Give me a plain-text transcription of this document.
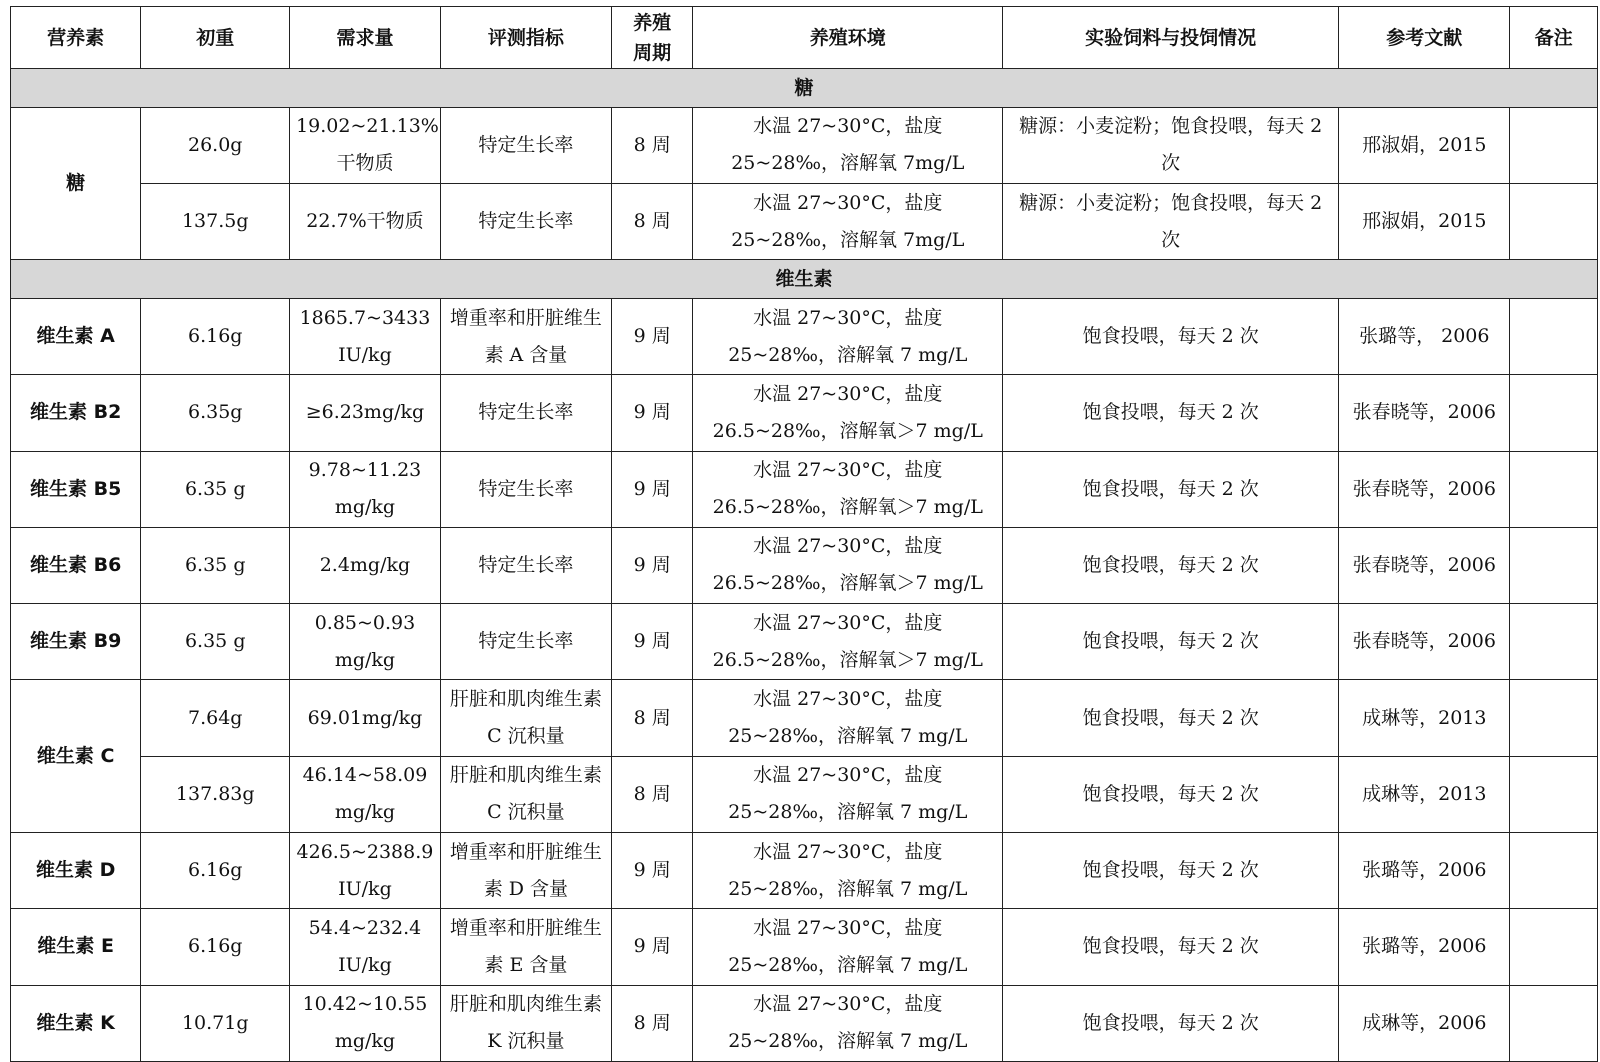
营养素	初重	需求量	评测指标	养殖周期	养殖环境	实验饲料与投饲情况	参考文献	备注
糖								
糖	26.0g	19.02~21.13%干物质	特定生长率	8 周	水温 27~30°C，盐度 25~28‰，溶解氧 7mg/L	糖源：小麦淀粉；饱食投喂，每天 2 次	邢淑娟，2015	
	137.5g	22.7%干物质	特定生长率	8 周	水温 27~30°C，盐度 25~28‰，溶解氧 7mg/L	糖源：小麦淀粉；饱食投喂，每天 2 次	邢淑娟，2015	
维生素								
维生素 A	6.16g	1865.7~3433 IU/kg	增重率和肝脏维生素 A 含量	9 周	水温 27~30°C，盐度 25~28‰，溶解氧 7 mg/L	饱食投喂，每天 2 次	张璐等， 2006	
维生素 B2	6.35g	≥6.23mg/kg	特定生长率	9 周	水温 27~30°C，盐度 26.5~28‰，溶解氧＞7 mg/L	饱食投喂，每天 2 次	张春晓等，2006	
维生素 B5	6.35 g	9.78~11.23 mg/kg	特定生长率	9 周	水温 27~30°C，盐度 26.5~28‰，溶解氧＞7 mg/L	饱食投喂，每天 2 次	张春晓等，2006	
维生素 B6	6.35 g	2.4mg/kg	特定生长率	9 周	水温 27~30°C，盐度 26.5~28‰，溶解氧＞7 mg/L	饱食投喂，每天 2 次	张春晓等，2006	
维生素 B9	6.35 g	0.85~0.93 mg/kg	特定生长率	9 周	水温 27~30°C，盐度 26.5~28‰，溶解氧＞7 mg/L	饱食投喂，每天 2 次	张春晓等，2006	
维生素 C	7.64g	69.01mg/kg	肝脏和肌肉维生素 C 沉积量	8 周	水温 27~30°C，盐度 25~28‰，溶解氧 7 mg/L	饱食投喂，每天 2 次	成琳等，2013	
	137.83g	46.14~58.09 mg/kg	肝脏和肌肉维生素 C 沉积量	8 周	水温 27~30°C，盐度 25~28‰，溶解氧 7 mg/L	饱食投喂，每天 2 次	成琳等，2013	
维生素 D	6.16g	426.5~2388.9 IU/kg	增重率和肝脏维生素 D 含量	9 周	水温 27~30°C，盐度 25~28‰，溶解氧 7 mg/L	饱食投喂，每天 2 次	张璐等，2006	
维生素 E	6.16g	54.4~232.4 IU/kg	增重率和肝脏维生素 E 含量	9 周	水温 27~30°C，盐度 25~28‰，溶解氧 7 mg/L	饱食投喂，每天 2 次	张璐等，2006	
维生素 K	10.71g	10.42~10.55 mg/kg	肝脏和肌肉维生素 K 沉积量	8 周	水温 27~30°C，盐度 25~28‰，溶解氧 7 mg/L	饱食投喂，每天 2 次	成琳等，2006	
